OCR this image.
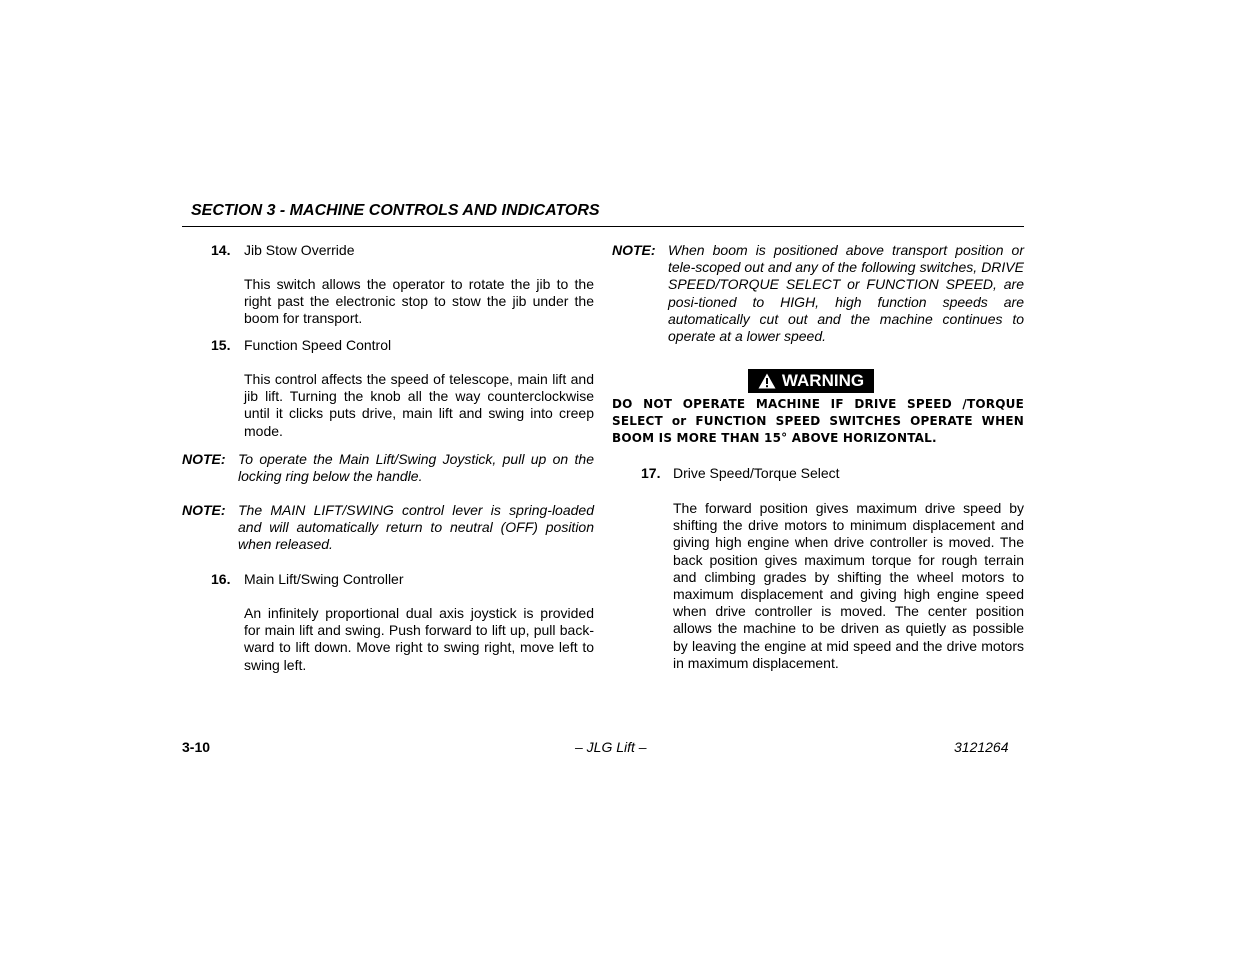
SECTION 3 - MACHINE CONTROLS AND INDICATORS
14. Jib Stow Override
This switch allows the operator to rotate the jib to the right past the electronic stop to stow the jib under the boom for transport.
15. Function Speed Control
This control affects the speed of telescope, main lift and jib lift. Turning the knob all the way counterclockwise until it clicks puts drive, main lift and swing into creep mode.
NOTE: To operate the Main Lift/Swing Joystick, pull up on the locking ring below the handle.
NOTE: The MAIN LIFT/SWING control lever is spring-loaded and will automatically return to neutral (OFF) position when released.
16. Main Lift/Swing Controller
An infinitely proportional dual axis joystick is provided for main lift and swing. Push forward to lift up, pull back-ward to lift down. Move right to swing right, move left to swing left.
NOTE: When boom is positioned above transport position or tele-scoped out and any of the following switches, DRIVE SPEED/TORQUE SELECT or FUNCTION SPEED, are posi-tioned to HIGH, high function speeds are automatically cut out and the machine continues to operate at a lower speed.
WARNING
DO NOT OPERATE MACHINE IF DRIVE SPEED /TORQUE SELECT or FUNCTION SPEED SWITCHES OPERATE WHEN BOOM IS MORE THAN 15° ABOVE HORIZONTAL.
17. Drive Speed/Torque Select
The forward position gives maximum drive speed by shifting the drive motors to minimum displacement and giving high engine when drive controller is moved. The back position gives maximum torque for rough terrain and climbing grades by shifting the wheel motors to maximum displacement and giving high engine speed when drive controller is moved. The center position allows the machine to be driven as quietly as possible by leaving the engine at mid speed and the drive motors in maximum displacement.
3-10	– JLG Lift –	3121264
